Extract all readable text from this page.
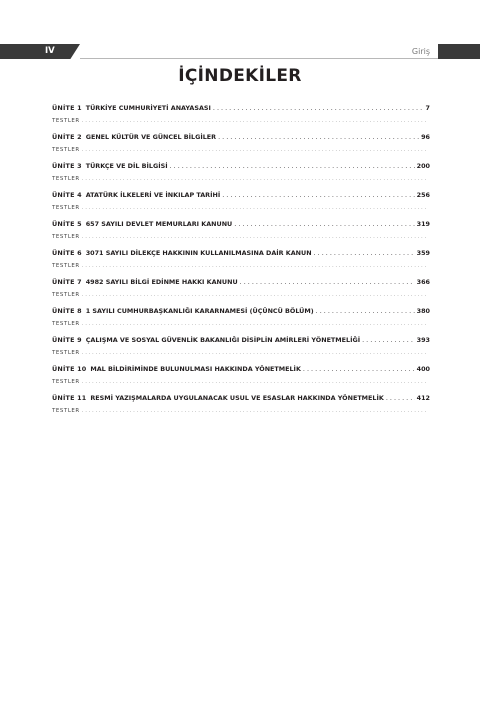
IV	Giriş
İÇİNDEKİLER
ÜNİTE 1 TÜRKİYE CUMHURİYETİ ANAYASASI . . .	7
TESTLER
. . .
ÜNİTE 2 GENEL KÜLTÜR VE GÜNCEL BİLGİLER . . .	96
TESTLER
. . .
ÜNİTE 3 TÜRKÇE VE DİL BİLGİSİ . . .	200
TESTLER
. . .
ÜNİTE 4 ATATÜRK İLKELERİ VE İNKILAP TARİHİ . . .	256
TESTLER
. . .
ÜNİTE 5 657 SAYILI DEVLET MEMURLARI KANUNU . . .	319
TESTLER
. . .
ÜNİTE 6 3071 SAYILI DİLEKÇE HAKKININ KULLANILMASINA DAİR KANUN . . .	359
TESTLER
. . .
ÜNİTE 7 4982 SAYILI BİLGİ EDİNME HAKKI KANUNU . . .	366
TESTLER
. . .
ÜNİTE 8 1 SAYILI CUMHURBAŞKANLIĞI KARARNAMESİ (ÜÇÜNCÜ BÖLÜM) . . .	380
TESTLER
. . .
ÜNİTE 9 ÇALIŞMA VE SOSYAL GÜVENLİK BAKANLIĞI DİSİPLİN AMİRLERİ YÖNETMELİĞİ . . .	393
TESTLER
. . .
ÜNİTE 10 MAL BİLDİRİMİNDE BULUNULMASI HAKKINDA YÖNETMELİK . . .	400
TESTLER
. . .
ÜNİTE 11 RESMİ YAZIŞMALARDA UYGULANACAK USUL VE ESASLAR HAKKINDA YÖNETMELİK . . .	412
TESTLER
. . .
